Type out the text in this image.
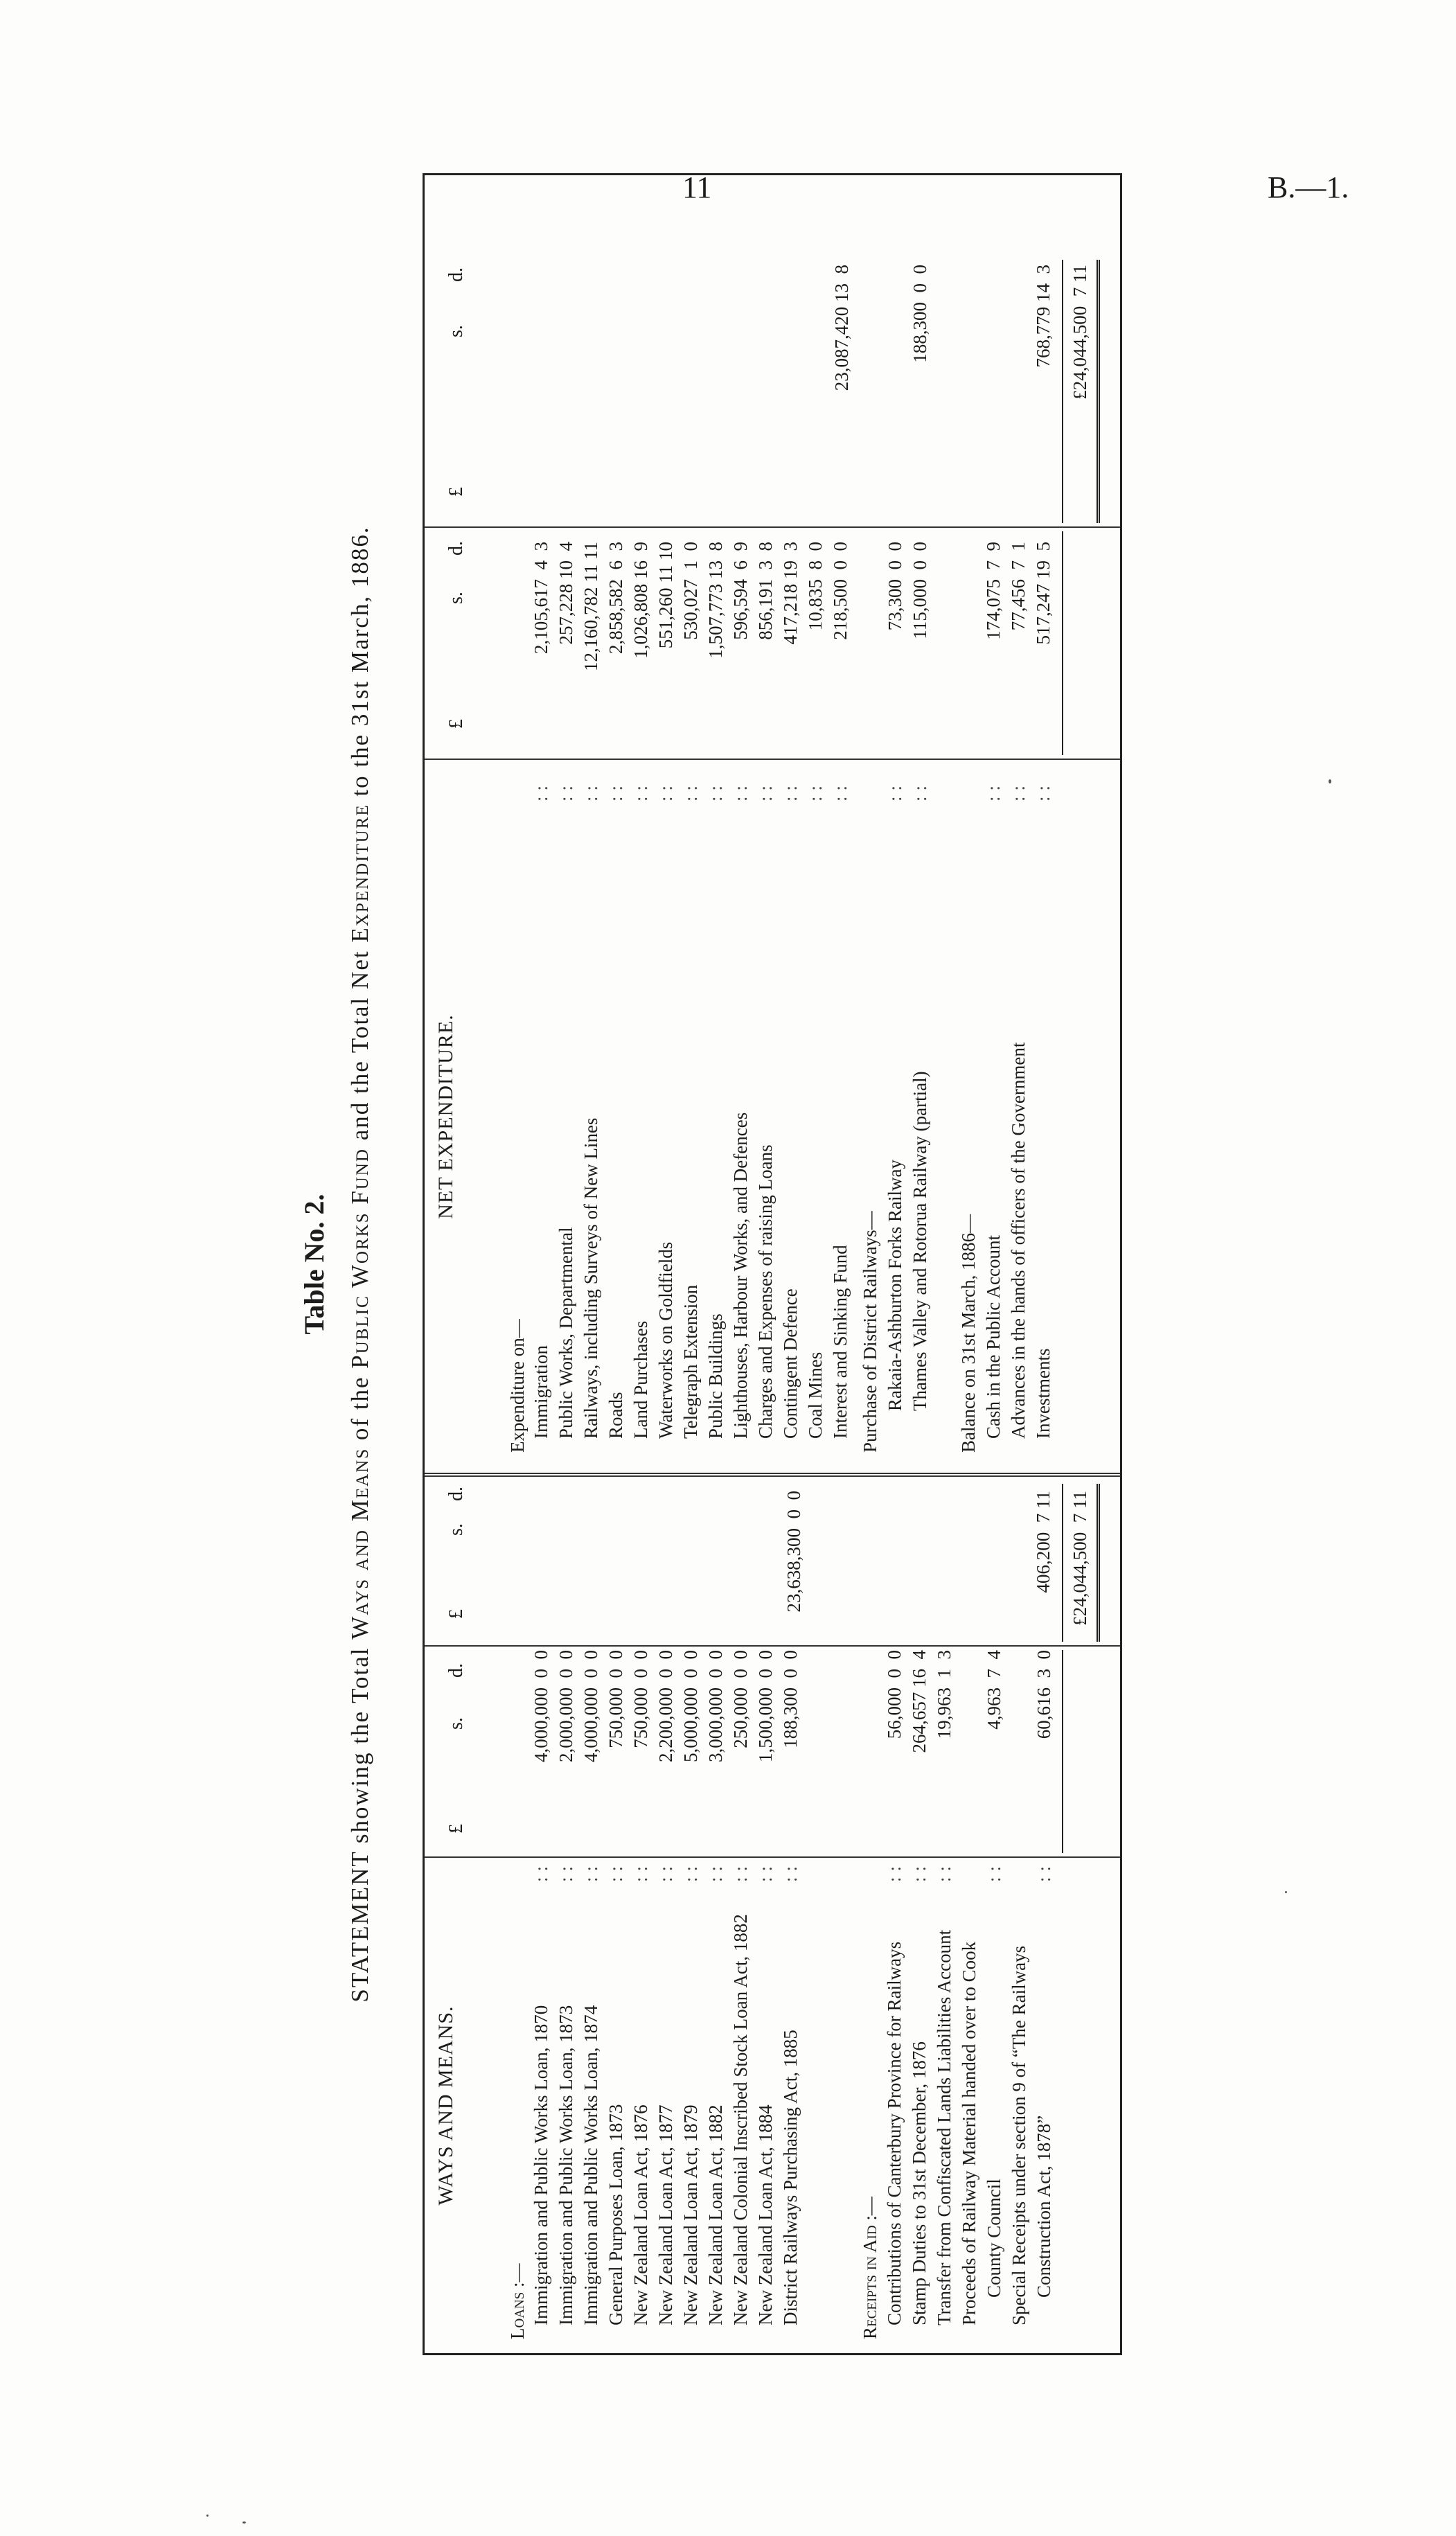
11	B.—1.
Table No. 2.
STATEMENT showing the Total Ways and Means of the Public Works Fund and the Total Net Expenditure to the 31st March, 1886.
WAYS AND MEANS.
NET EXPENDITURE.
£
s.
d.
£
s.
d.
£
s.
d.
£
s.
d.
Loans :— Immigration and Public Works Loan, 1870
::
4,000,000  0  0
Immigration and Public Works Loan, 1873
::
2,000,000  0  0
Immigration and Public Works Loan, 1874
::
4,000,000  0  0
General Purposes Loan, 1873
::
750,000  0  0
New Zealand Loan Act, 1876
::
750,000  0  0
New Zealand Loan Act, 1877
::
2,200,000  0  0
New Zealand Loan Act, 1879
::
5,000,000  0  0
New Zealand Loan Act, 1882
::
3,000,000  0  0
New Zealand Colonial Inscribed Stock Loan Act, 1882
::
250,000  0  0
New Zealand Loan Act, 1884
::
1,500,000  0  0
District Railways Purchasing Act, 1885
::
188,300  0  0
23,638,300  0  0
Receipts in Aid :— Contributions of Canterbury Province for Railways
::
56,000  0  0
Stamp Duties to 31st December, 1876
::
264,657 16  4
Transfer from Confiscated Lands Liabilities Account
::
19,963  1  3
Proceeds of Railway Material handed over to Cook
::
County Council
4,963  7  4
Special Receipts under section 9 of “The Railways
::
Construction Act, 1878”
60,616  3  0
406,200  7 11 £24,044,500  7 11
Expenditure on— Immigration
::
2,105,617  4  3
Public Works, Departmental
::
257,228 10  4
Railways, including Surveys of New Lines
::
12,160,782 11 11
Roads
::
2,858,582  6  3
Land Purchases
::
1,026,808 16  9
Waterworks on Goldfields
::
551,260 11 10
Telegraph Extension
::
530,027  1  0
Public Buildings
::
1,507,773 13  8
Lighthouses, Harbour Works, and Defences
::
596,594  6  9
Charges and Expenses of raising Loans
::
856,191  3  8
Contingent Defence
::
417,218 19  3
Coal Mines
::
10,835  8  0
Interest and Sinking Fund
::
218,500  0  0
23,087,420 13  8
Purchase of District Railways— Rakaia-Ashburton Forks Railway
::
73,300  0  0
Thames Valley and Rotorua Railway (partial)
::
115,000  0  0
188,300  0  0
Balance on 31st March, 1886— Cash in the Public Account
::
174,075  7  9
Advances in the hands of officers of the Government
::
77,456  7  1
Investments
::
517,247 19  5
768,779 14  3 £24,044,500  7 11
